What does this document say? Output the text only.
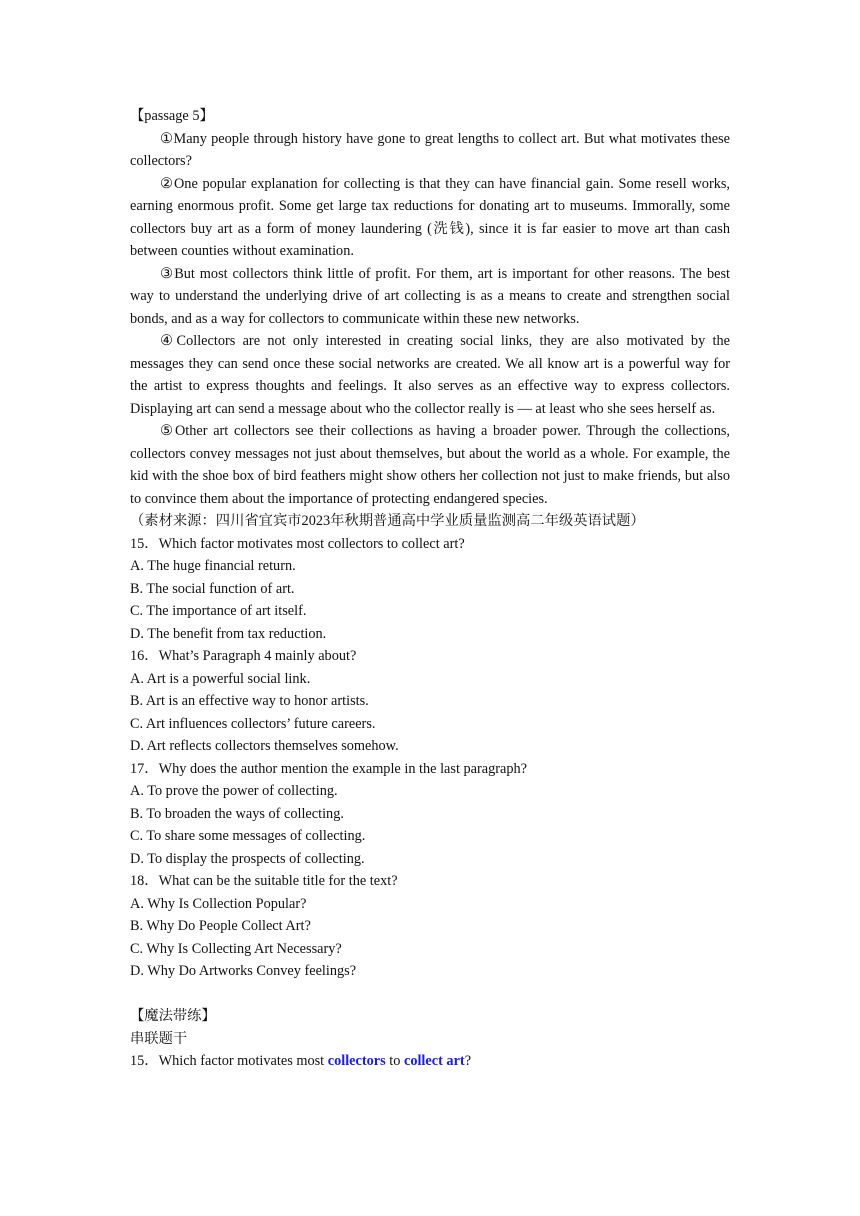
【passage 5】
①Many people through history have gone to great lengths to collect art. But what motivates these collectors?
②One popular explanation for collecting is that they can have financial gain. Some resell works, earning enormous profit. Some get large tax reductions for donating art to museums. Immorally, some collectors buy art as a form of money laundering (洗钱), since it is far easier to move art than cash between counties without examination.
③But most collectors think little of profit. For them, art is important for other reasons. The best way to understand the underlying drive of art collecting is as a means to create and strengthen social bonds, and as a way for collectors to communicate within these new networks.
④Collectors are not only interested in creating social links, they are also motivated by the messages they can send once these social networks are created. We all know art is a powerful way for the artist to express thoughts and feelings. It also serves as an effective way to express collectors. Displaying art can send a message about who the collector really is — at least who she sees herself as.
⑤Other art collectors see their collections as having a broader power. Through the collections, collectors convey messages not just about themselves, but about the world as a whole. For example, the kid with the shoe box of bird feathers might show others her collection not just to make friends, but also to convince them about the importance of protecting endangered species.
（素材来源：四川省宜宾市2023年秋期普通高中学业质量监测高二年级英语试题）
15．Which factor motivates most collectors to collect art?
A. The huge financial return.
B. The social function of art.
C. The importance of art itself.
D. The benefit from tax reduction.
16．What’s Paragraph 4 mainly about?
A. Art is a powerful social link.
B. Art is an effective way to honor artists.
C. Art influences collectors’ future careers.
D. Art reflects collectors themselves somehow.
17．Why does the author mention the example in the last paragraph?
A. To prove the power of collecting.
B. To broaden the ways of collecting.
C. To share some messages of collecting.
D. To display the prospects of collecting.
18．What can be the suitable title for the text?
A. Why Is Collection Popular?
B. Why Do People Collect Art?
C. Why Is Collecting Art Necessary?
D. Why Do Artworks Convey feelings?
【魔法带练】
串联题干
15．Which factor motivates most collectors to collect art?
